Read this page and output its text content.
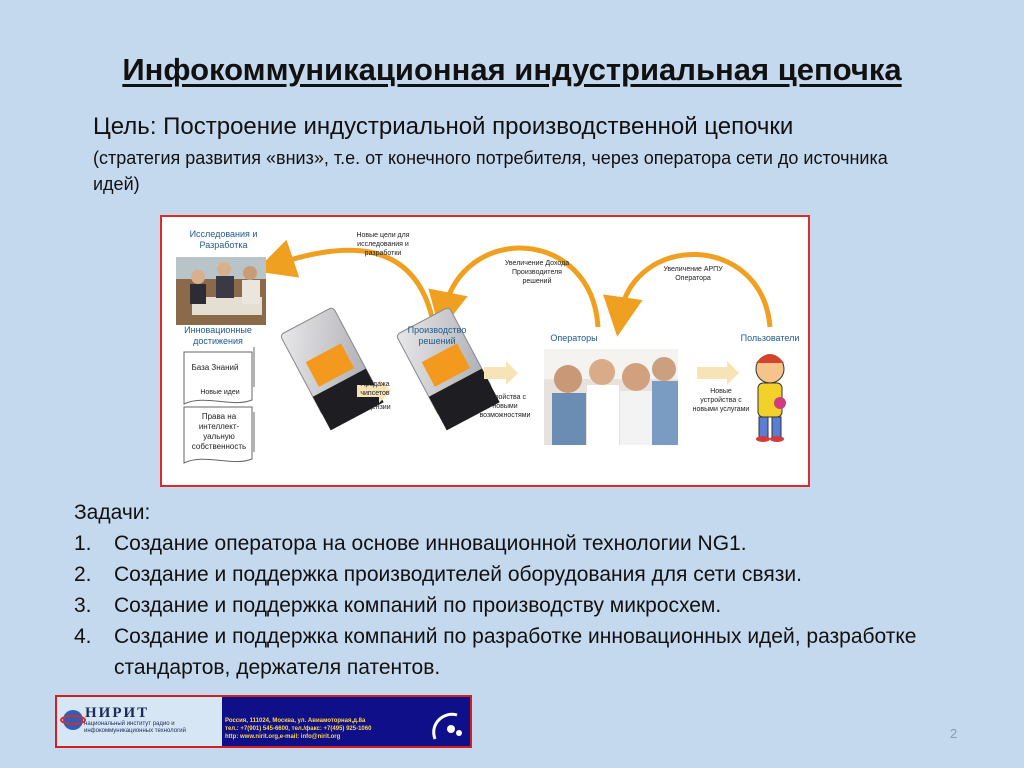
Инфокоммуникационная индустриальная цепочка
Цель: Построение индустриальной производственной цепочки
(стратегия развития «вниз», т.е. от конечного потребителя, через оператора сети до источника идей)
Исследования и Разработка
Новые цели для исследования и разработки
Инновационные достижения
База Знаний
Новые идеи
Права на интеллект-уальную собственность
Продажа чипсетов
Лицензии
Производство решений
Увеличение Дохода Производителя решений
Операторы
Устройства с новыми возможностями
Увеличение АРПУ Оператора
Пользователи
Новые устройства с новыми услугами
Задачи:
1. Создание оператора на основе инновационной технологии NG1.
2. Создание и поддержка производителей оборудования для сети связи.
3. Создание и поддержка компаний по производству микросхем.
4. Создание и поддержка компаний по разработке инновационных идей, разработке стандартов, держателя патентов.
НИРИТ
национальный институт радио и инфокоммуникационных технологий
Россия, 111024, Москва, ул. Авиамоторная,д.8а
тел.: +7(901) 545-6600, тел./факс: +7(495) 925-1060
http: www.nirit.org,e-mail: info@nirit.org	2
